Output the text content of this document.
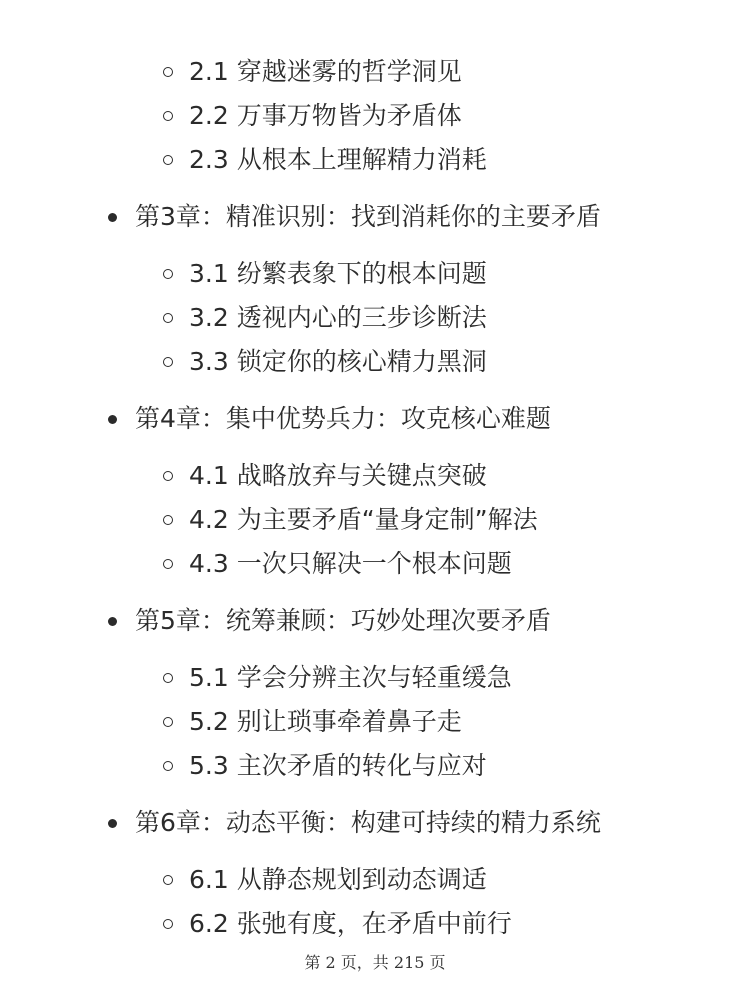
2.1 穿越迷雾的哲学洞见
2.2 万事万物皆为矛盾体
2.3 从根本上理解精力消耗
第3章：精准识别：找到消耗你的主要矛盾
3.1 纷繁表象下的根本问题
3.2 透视内心的三步诊断法
3.3 锁定你的核心精力黑洞
第4章：集中优势兵力：攻克核心难题
4.1 战略放弃与关键点突破
4.2 为主要矛盾“量身定制”解法
4.3 一次只解决一个根本问题
第5章：统筹兼顾：巧妙处理次要矛盾
5.1 学会分辨主次与轻重缓急
5.2 别让琐事牵着鼻子走
5.3 主次矛盾的转化与应对
第6章：动态平衡：构建可持续的精力系统
6.1 从静态规划到动态调适
6.2 张弛有度，在矛盾中前行
第 2 页，共 215 页
